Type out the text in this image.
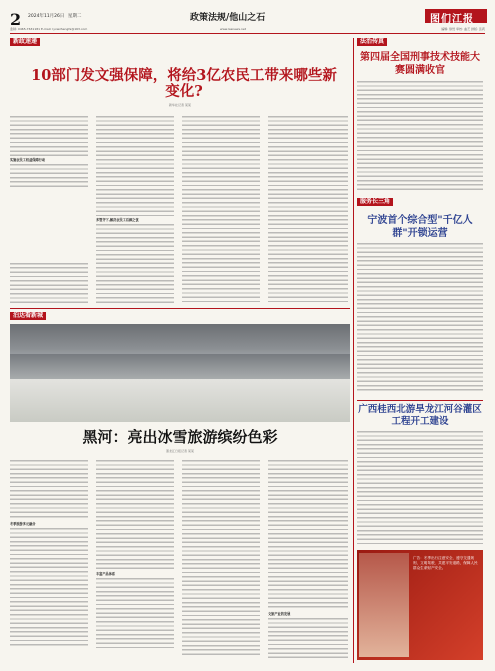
2 2024年11月26日 星期二	政策法规/他山之石	图们江报
监制: 0465-7631181 E-mail: lyxwzhengfa@163.com	www.lasnews.net	编辑: 徐然 审核: 曲艺 排版: 张莉
新政速递
10部门发文强保障，将给3亿农民工带来哪些新变化?
新华社记者 某某
实施农民工权益保障行动
多管齐下,解决农民工后顾之忧
泊达看新城
黑河：亮出冰雪旅游缤纷色彩
黑龙江日报记者 某某
冬季旅游多元融合
丰富产品体系
文旅产业的发展
法治传真
第四届全国刑事技术技能大赛圆满收官
服务长三角
宁波首个综合型"千亿人群"开锁运营
广西桂西北游旱龙江河谷灌区工程开工建设
广告：冬季出行注意安全，遵守交通规则，文明驾驶，共建平安道路，保障人民群众生命财产安全。
